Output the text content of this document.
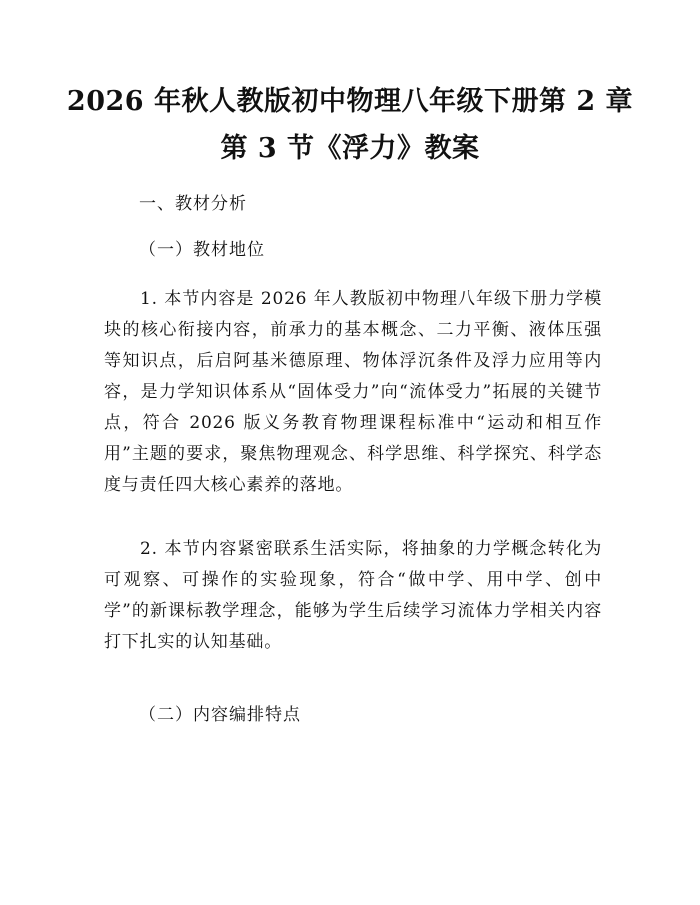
2026 年秋人教版初中物理八年级下册第 2 章
第 3 节《浮力》教案
一、教材分析
（一）教材地位

1. 本节内容是 2026 年人教版初中物理八年级下册力学模块的核心衔接内容，前承力的基本概念、二力平衡、液体压强等知识点，后启阿基米德原理、物体浮沉条件及浮力应用等内容，是力学知识体系从“固体受力”向“流体受力”拓展的关键节点，符合 2026 版义务教育物理课程标准中“运动和相互作用”主题的要求，聚焦物理观念、科学思维、科学探究、科学态度与责任四大核心素养的落地。

2. 本节内容紧密联系生活实际，将抽象的力学概念转化为可观察、可操作的实验现象，符合“做中学、用中学、创中学”的新课标教学理念，能够为学生后续学习流体力学相关内容打下扎实的认知基础。

（二）内容编排特点
